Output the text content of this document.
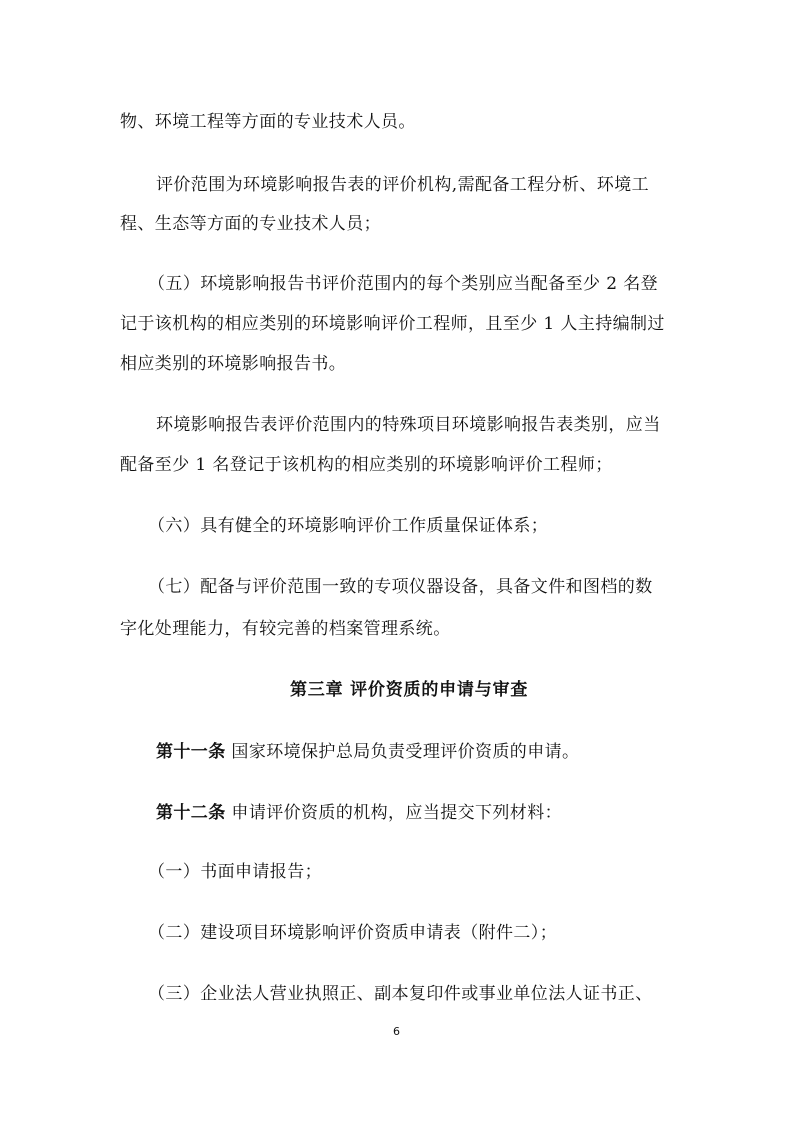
物、环境工程等方面的专业技术人员。
评价范围为环境影响报告表的评价机构,需配备工程分析、环境工
程、生态等方面的专业技术人员；
（五）环境影响报告书评价范围内的每个类别应当配备至少 2 名登
记于该机构的相应类别的环境影响评价工程师，且至少 1 人主持编制过
相应类别的环境影响报告书。
环境影响报告表评价范围内的特殊项目环境影响报告表类别，应当
配备至少 1 名登记于该机构的相应类别的环境影响评价工程师；
（六）具有健全的环境影响评价工作质量保证体系；
（七）配备与评价范围一致的专项仪器设备，具备文件和图档的数
字化处理能力，有较完善的档案管理系统。
第三章 评价资质的申请与审查
第十一条 国家环境保护总局负责受理评价资质的申请。
第十二条 申请评价资质的机构，应当提交下列材料：
（一）书面申请报告；
（二）建设项目环境影响评价资质申请表（附件二）；
（三）企业法人营业执照正、副本复印件或事业单位法人证书正、
6
